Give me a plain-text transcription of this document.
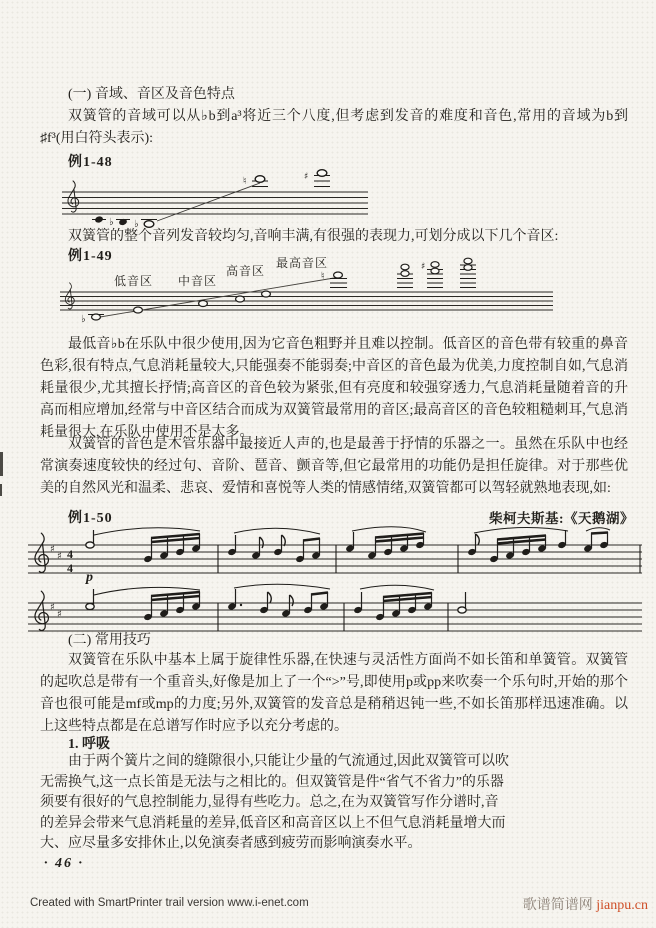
(一) 音域、音区及音色特点
双簧管的音域可以从♭b到a³将近三个八度,但考虑到发音的难度和音色,常用的音域为b到♯f³(用白符头表示):
例1-48
♭ ♭
♮	♯
双簧管的整个音列发音较均匀,音响丰满,有很强的表现力,可划分成以下几个音区:
例1-49
低音区 中音区
高音区
最高音区
♭
♮
♯
最低音♭b在乐队中很少使用,因为它音色粗野并且难以控制。低音区的音色带有较重的鼻音色彩,很有特点,气息消耗量较大,只能强奏不能弱奏;中音区的音色最为优美,力度控制自如,气息消耗量很少,尤其擅长抒情;高音区的音色较为紧张,但有亮度和较强穿透力,气息消耗量随着音的升高而相应增加,经常与中音区结合而成为双簧管最常用的音区;最高音区的音色较粗糙刺耳,气息消耗量很大,在乐队中使用不是太多。
双簧管的音色是木管乐器中最接近人声的,也是最善于抒情的乐器之一。虽然在乐队中也经常演奏速度较快的经过句、音阶、琶音、颤音等,但它最常用的功能仍是担任旋律。对于那些优美的自然风光和温柔、悲哀、爱情和喜悦等人类的情感情绪,双簧管都可以驾轻就熟地表现,如:
例1-50	柴柯夫斯基:《天鹅湖》
♯
♯ 4
4
p
♯
♯
(二) 常用技巧
双簧管在乐队中基本上属于旋律性乐器,在快速与灵活性方面尚不如长笛和单簧管。双簧管的起吹总是带有一个重音头,好像是加上了一个“>”号,即使用p或pp来吹奏一个乐句时,开始的那个音也很可能是mf或mp的力度;另外,双簧管的发音总是稍稍迟钝一些,不如长笛那样迅速准确。以上这些特点都是在总谱写作时应予以充分考虑的。
1. 呼吸
由于两个簧片之间的缝隙很小,只能让少量的气流通过,因此双簧管可以吹
无需换气,这一点长笛是无法与之相比的。但双簧管是件“省气不省力”的乐器
须要有很好的气息控制能力,显得有些吃力。总之,在为双簧管写作分谱时,音
的差异会带来气息消耗量的差异,低音区和高音区以上不但气息消耗量增大而
大、应尽量多安排休止,以免演奏者感到疲劳而影响演奏水平。
· 46 ·
Created with SmartPrinter trail version www.i-enet.com	歌谱简谱网 jianpu.cn
